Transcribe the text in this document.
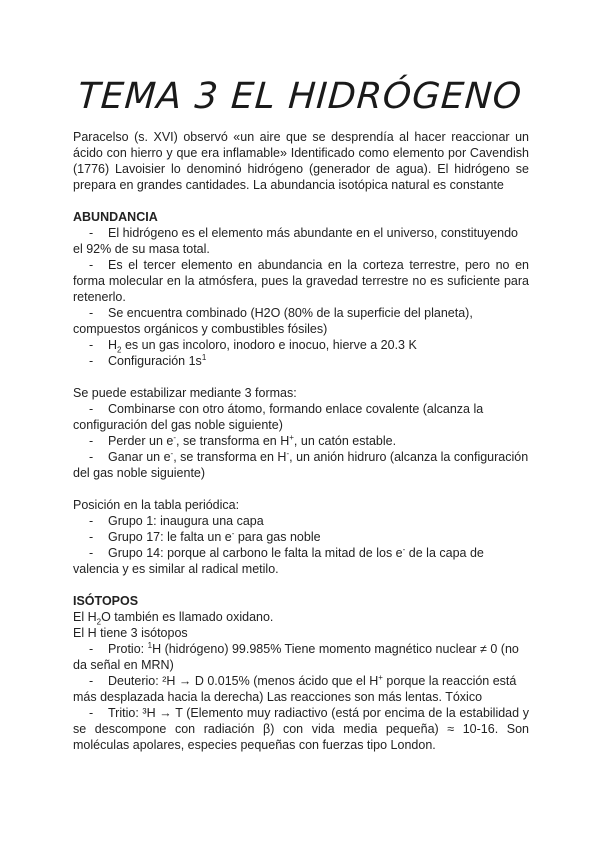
TEMA 3 EL HIDRÓGENO

Paracelso (s. XVI) observó «un aire que se desprendía al hacer reaccionar un ácido con hierro y que era inflamable» Identificado como elemento por Cavendish (1776) Lavoisier lo denominó hidrógeno (generador de agua). El hidrógeno se prepara en grandes cantidades. La abundancia isotópica natural es constante

ABUNDANCIA

- El hidrógeno es el elemento más abundante en el universo, constituyendo el 92% de su masa total.
- Es el tercer elemento en abundancia en la corteza terrestre, pero no en forma molecular en la atmósfera, pues la gravedad terrestre no es suficiente para retenerlo.
- Se encuentra combinado (H2O (80% de la superficie del planeta), compuestos orgánicos y combustibles fósiles)
- $H_2$ es un gas incoloro, inodoro e inocuo, hierve a 20.3 K
- Configuración $1s^1$

Se puede estabilizar mediante 3 formas:

- Combinarse con otro átomo, formando enlace covalente (alcanza la configuración del gas noble siguiente)
- Perder un e-, se transforma en H+, un catón estable.
- Ganar un e-, se transforma en H-, un anión hidruro (alcanza la configuración del gas noble siguiente)

Posición en la tabla periódica:

- Grupo 1: inaugura una capa
- Grupo 17: le falta un e- para gas noble
- Grupo 14: porque al carbono le falta la mitad de los e- de la capa de valencia y es similar al radical metilo.

ISÓTOPOS

El $H_2O$ también es llamado oxidano.

El H tiene 3 isótopos

- Protio: $^1$H (hidrógeno) 99.985% Tiene momento magnético nuclear ≠ 0 (no da señal en MRN)
- Deuterio: ²H → D 0.015% (menos ácido que el H+ porque la reacción está más desplazada hacia la derecha) Las reacciones son más lentas. Tóxico
- Tritio: ³H → T (Elemento muy radiactivo (está por encima de la estabilidad y se descompone con radiación β) con vida media pequeña) ≈ 10-16. Son moléculas apolares, especies pequeñas con fuerzas tipo London.
